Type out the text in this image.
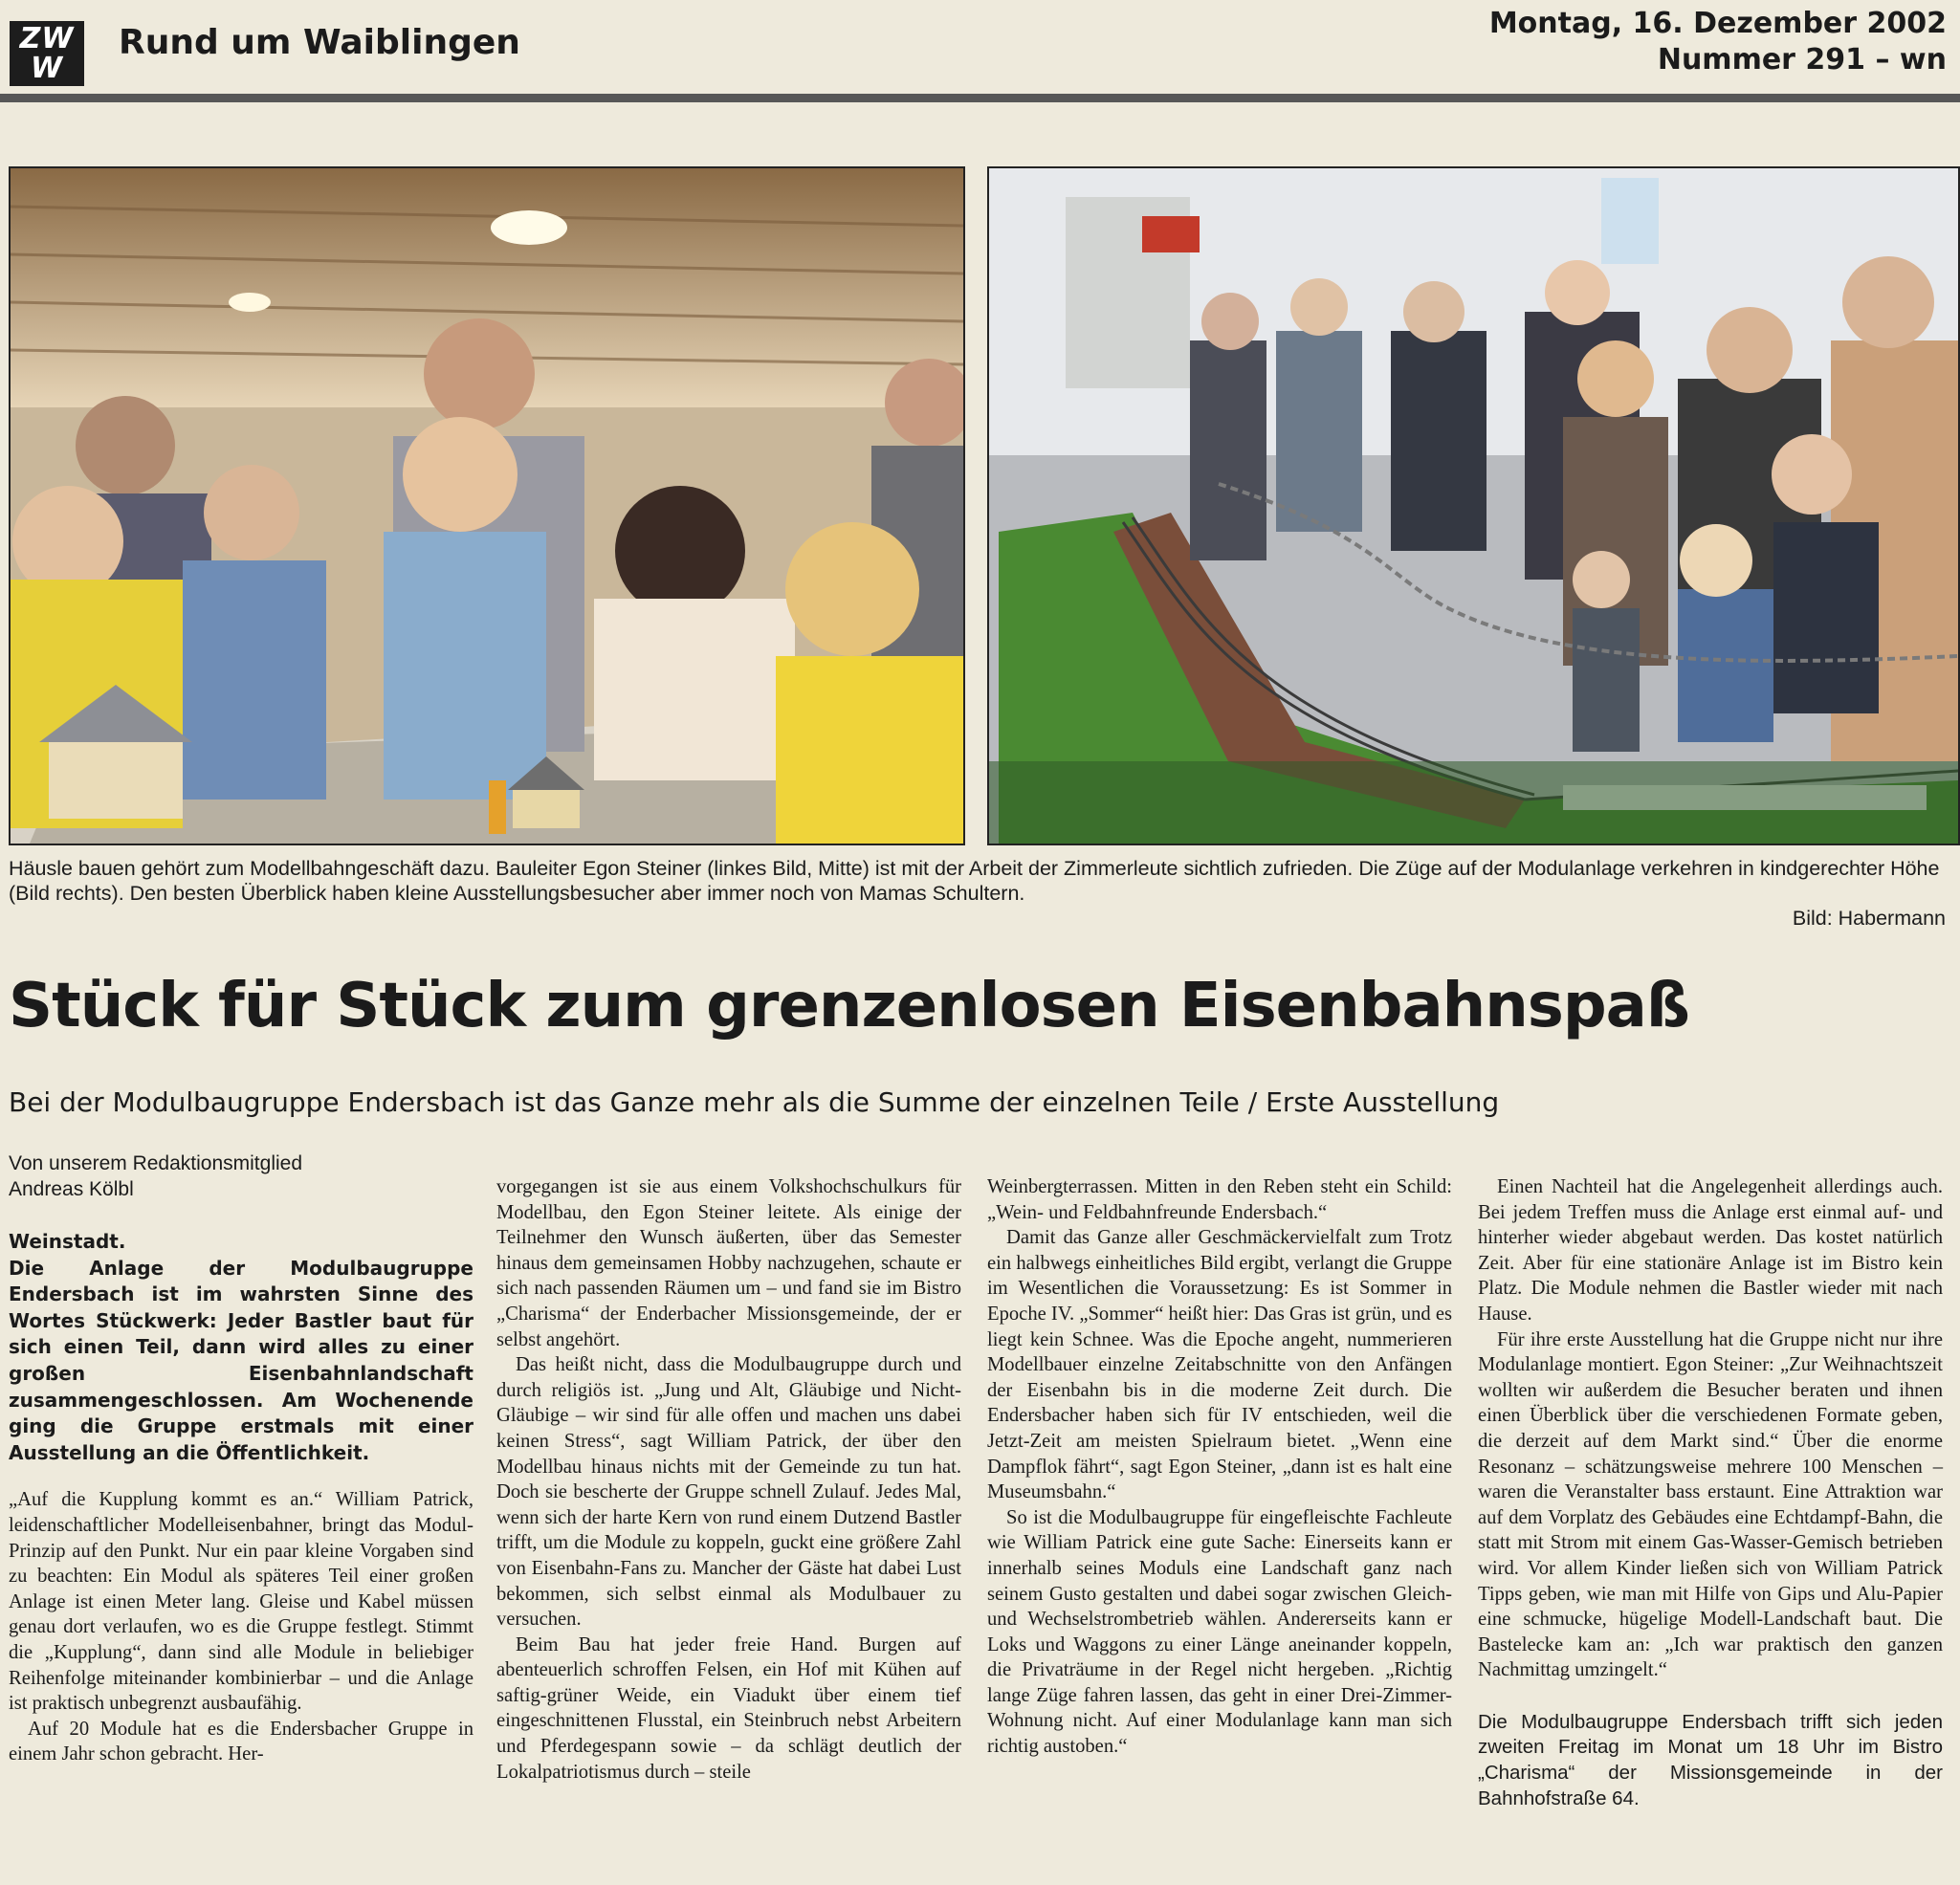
ZW
W
Rund um Waiblingen	Montag, 16. Dezember 2002
Nummer 291 – wn
Häusle bauen gehört zum Modellbahngeschäft dazu. Bauleiter Egon Steiner (linkes Bild, Mitte) ist mit der Arbeit der Zimmerleute sichtlich zufrieden. Die Züge auf der Modulanlage verkehren in kindgerechter Höhe (Bild rechts). Den besten Überblick haben kleine Ausstellungsbesucher aber immer noch von Mamas Schultern.
Bild: Habermann
Stück für Stück zum grenzenlosen Eisenbahnspaß
Bei der Modulbaugruppe Endersbach ist das Ganze mehr als die Summe der einzelnen Teile / Erste Ausstellung
Von unserem Redaktionsmitglied
Andreas Kölbl
Weinstadt.
Die Anlage der Modulbaugruppe Endersbach ist im wahrsten Sinne des Wortes Stückwerk: Jeder Bastler baut für sich einen Teil, dann wird alles zu einer großen Eisenbahnlandschaft zusammengeschlossen. Am Wochenende ging die Gruppe erstmals mit einer Ausstellung an die Öffentlichkeit.

„Auf die Kupplung kommt es an.“ William Patrick, leidenschaftlicher Modelleisenbahner, bringt das Modul-Prinzip auf den Punkt. Nur ein paar kleine Vorgaben sind zu beachten: Ein Modul als späteres Teil einer großen Anlage ist einen Meter lang. Gleise und Kabel müssen genau dort verlaufen, wo es die Gruppe festlegt. Stimmt die „Kupplung“, dann sind alle Module in beliebiger Reihenfolge miteinander kombinierbar – und die Anlage ist praktisch unbegrenzt ausbaufähig.

Auf 20 Module hat es die Endersbacher Gruppe in einem Jahr schon gebracht. Her-

vorgegangen ist sie aus einem Volkshochschulkurs für Modellbau, den Egon Steiner leitete. Als einige der Teilnehmer den Wunsch äußerten, über das Semester hinaus dem gemeinsamen Hobby nachzugehen, schaute er sich nach passenden Räumen um – und fand sie im Bistro „Charisma“ der Enderbacher Missionsgemeinde, der er selbst angehört.

Das heißt nicht, dass die Modulbaugruppe durch und durch religiös ist. „Jung und Alt, Gläubige und Nicht-Gläubige – wir sind für alle offen und machen uns dabei keinen Stress“, sagt William Patrick, der über den Modellbau hinaus nichts mit der Gemeinde zu tun hat. Doch sie bescherte der Gruppe schnell Zulauf. Jedes Mal, wenn sich der harte Kern von rund einem Dutzend Bastler trifft, um die Module zu koppeln, guckt eine größere Zahl von Eisenbahn-Fans zu. Mancher der Gäste hat dabei Lust bekommen, sich selbst einmal als Modulbauer zu versuchen.

Beim Bau hat jeder freie Hand. Burgen auf abenteuerlich schroffen Felsen, ein Hof mit Kühen auf saftig-grüner Weide, ein Viadukt über einem tief eingeschnittenen Flusstal, ein Steinbruch nebst Arbeitern und Pferdegespann sowie – da schlägt deutlich der Lokalpatriotismus durch – steile

Weinbergterrassen. Mitten in den Reben steht ein Schild: „Wein- und Feldbahnfreunde Endersbach.“

Damit das Ganze aller Geschmäckervielfalt zum Trotz ein halbwegs einheitliches Bild ergibt, verlangt die Gruppe im Wesentlichen die Voraussetzung: Es ist Sommer in Epoche IV. „Sommer“ heißt hier: Das Gras ist grün, und es liegt kein Schnee. Was die Epoche angeht, nummerieren Modellbauer einzelne Zeitabschnitte von den Anfängen der Eisenbahn bis in die moderne Zeit durch. Die Endersbacher haben sich für IV entschieden, weil die Jetzt-Zeit am meisten Spielraum bietet. „Wenn eine Dampflok fährt“, sagt Egon Steiner, „dann ist es halt eine Museumsbahn.“

So ist die Modulbaugruppe für eingefleischte Fachleute wie William Patrick eine gute Sache: Einerseits kann er innerhalb seines Moduls eine Landschaft ganz nach seinem Gusto gestalten und dabei sogar zwischen Gleich- und Wechselstrombetrieb wählen. Andererseits kann er Loks und Waggons zu einer Länge aneinander koppeln, die Privaträume in der Regel nicht hergeben. „Richtig lange Züge fahren lassen, das geht in einer Drei-Zimmer-Wohnung nicht. Auf einer Modulanlage kann man sich richtig austoben.“

Einen Nachteil hat die Angelegenheit allerdings auch. Bei jedem Treffen muss die Anlage erst einmal auf- und hinterher wieder abgebaut werden. Das kostet natürlich Zeit. Aber für eine stationäre Anlage ist im Bistro kein Platz. Die Module nehmen die Bastler wieder mit nach Hause.

Für ihre erste Ausstellung hat die Gruppe nicht nur ihre Modulanlage montiert. Egon Steiner: „Zur Weihnachtszeit wollten wir außerdem die Besucher beraten und ihnen einen Überblick über die verschiedenen Formate geben, die derzeit auf dem Markt sind.“ Über die enorme Resonanz – schätzungsweise mehrere 100 Menschen – waren die Veranstalter bass erstaunt. Eine Attraktion war auf dem Vorplatz des Gebäudes eine Echtdampf-Bahn, die statt mit Strom mit einem Gas-Wasser-Gemisch betrieben wird. Vor allem Kinder ließen sich von William Patrick Tipps geben, wie man mit Hilfe von Gips und Alu-Papier eine schmucke, hügelige Modell-Landschaft baut. Die Bastelecke kam an: „Ich war praktisch den ganzen Nachmittag umzingelt.“

Die Modulbaugruppe Endersbach trifft sich jeden zweiten Freitag im Monat um 18 Uhr im Bistro „Charisma“ der Missionsgemeinde in der Bahnhofstraße 64.
